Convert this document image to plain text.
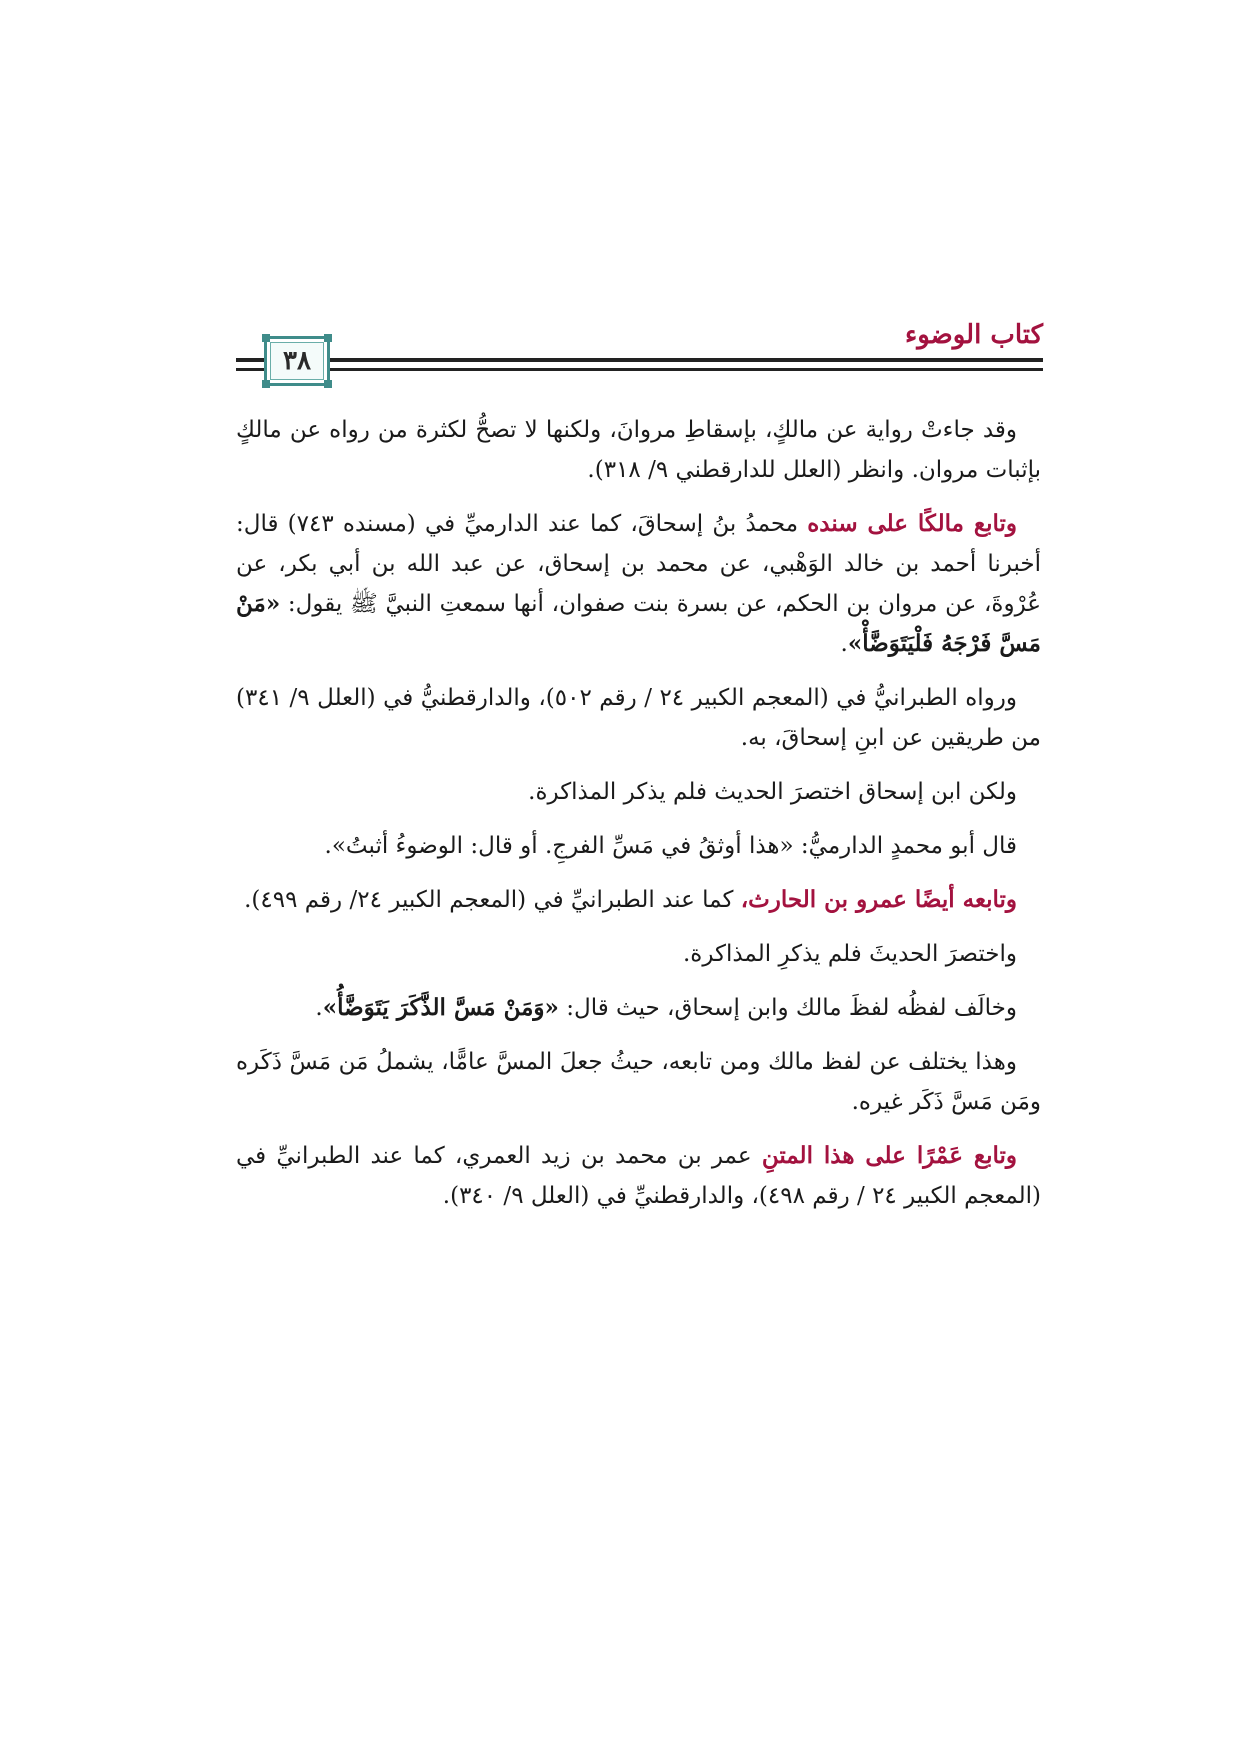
كتاب الوضوء
٣٨

وقد جاءتْ رواية عن مالكٍ، بإسقاطِ مروانَ، ولكنها لا تصحُّ لكثرة من رواه عن مالكٍ بإثبات مروان. وانظر (العلل للدارقطني ٩/ ٣١٨).

وتابع مالكًا على سنده محمدُ بنُ إسحاقَ، كما عند الدارميِّ في (مسنده ٧٤٣) قال: أخبرنا أحمد بن خالد الوَهْبي، عن محمد بن إسحاق، عن عبد الله بن أبي بكر، عن عُرْوةَ، عن مروان بن الحكم، عن بسرة بنت صفوان، أنها سمعتِ النبيَّ ﷺ يقول: «مَنْ مَسَّ فَرْجَهُ فَلْيَتَوَضَّأْ».

ورواه الطبرانيُّ في (المعجم الكبير ٢٤ / رقم ٥٠٢)، والدارقطنيُّ في (العلل ٩/ ٣٤١) من طريقين عن ابنِ إسحاقَ، به.

ولكن ابن إسحاق اختصرَ الحديث فلم يذكر المذاكرة.

قال أبو محمدٍ الدارميُّ: «هذا أوثقُ في مَسِّ الفرجِ. أو قال: الوضوءُ أثبتُ».

وتابعه أيضًا عمرو بن الحارث، كما عند الطبرانيِّ في (المعجم الكبير ٢٤/ رقم ٤٩٩).

واختصرَ الحديثَ فلم يذكرِ المذاكرة.

وخالَف لفظُه لفظَ مالك وابن إسحاق، حيث قال: «وَمَنْ مَسَّ الذَّكَرَ يَتَوَضَّأُ».

وهذا يختلف عن لفظ مالك ومن تابعه، حيثُ جعلَ المسَّ عامًّا، يشملُ مَن مَسَّ ذَكَره ومَن مَسَّ ذَكَر غيره.

وتابع عَمْرًا على هذا المتنِ عمر بن محمد بن زيد العمري، كما عند الطبرانيِّ في (المعجم الكبير ٢٤ / رقم ٤٩٨)، والدارقطنيِّ في (العلل ٩/ ٣٤٠).
